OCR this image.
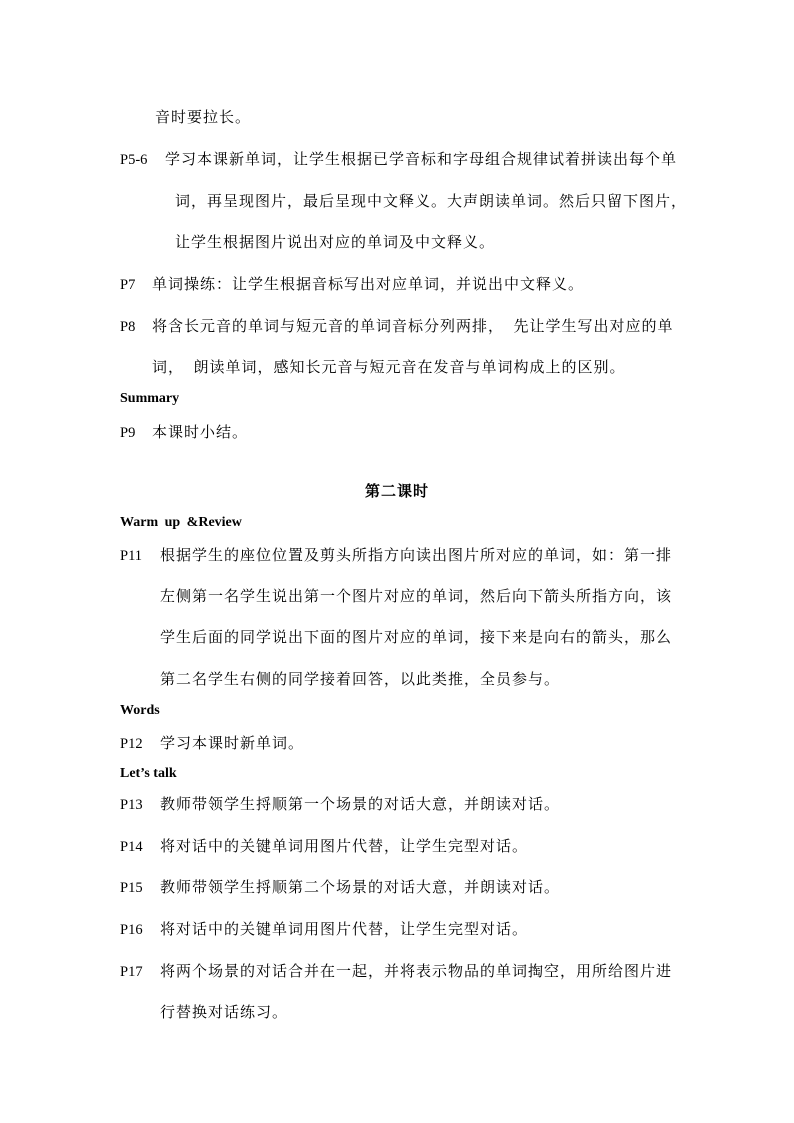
音时要拉长。
P5-6 学习本课新单词，让学生根据已学音标和字母组合规律试着拼读出每个单
词，再呈现图片，最后呈现中文释义。大声朗读单词。然后只留下图片，
让学生根据图片说出对应的单词及中文释义。
P7 单词操练：让学生根据音标写出对应单词，并说出中文释义。
P8 将含长元音的单词与短元音的单词音标分列两排，  先让学生写出对应的单
词，  朗读单词，感知长元音与短元音在发音与单词构成上的区别。
Summary
P9 本课时小结。
第二课时
Warm up &Review
P11 根据学生的座位位置及剪头所指方向读出图片所对应的单词，如：第一排
左侧第一名学生说出第一个图片对应的单词，然后向下箭头所指方向，该
学生后面的同学说出下面的图片对应的单词，接下来是向右的箭头，那么
第二名学生右侧的同学接着回答，以此类推，全员参与。
Words
P12 学习本课时新单词。
Let’s talk
P13 教师带领学生捋顺第一个场景的对话大意，并朗读对话。
P14 将对话中的关键单词用图片代替，让学生完型对话。
P15 教师带领学生捋顺第二个场景的对话大意，并朗读对话。
P16 将对话中的关键单词用图片代替，让学生完型对话。
P17 将两个场景的对话合并在一起，并将表示物品的单词掏空，用所给图片进
行替换对话练习。
